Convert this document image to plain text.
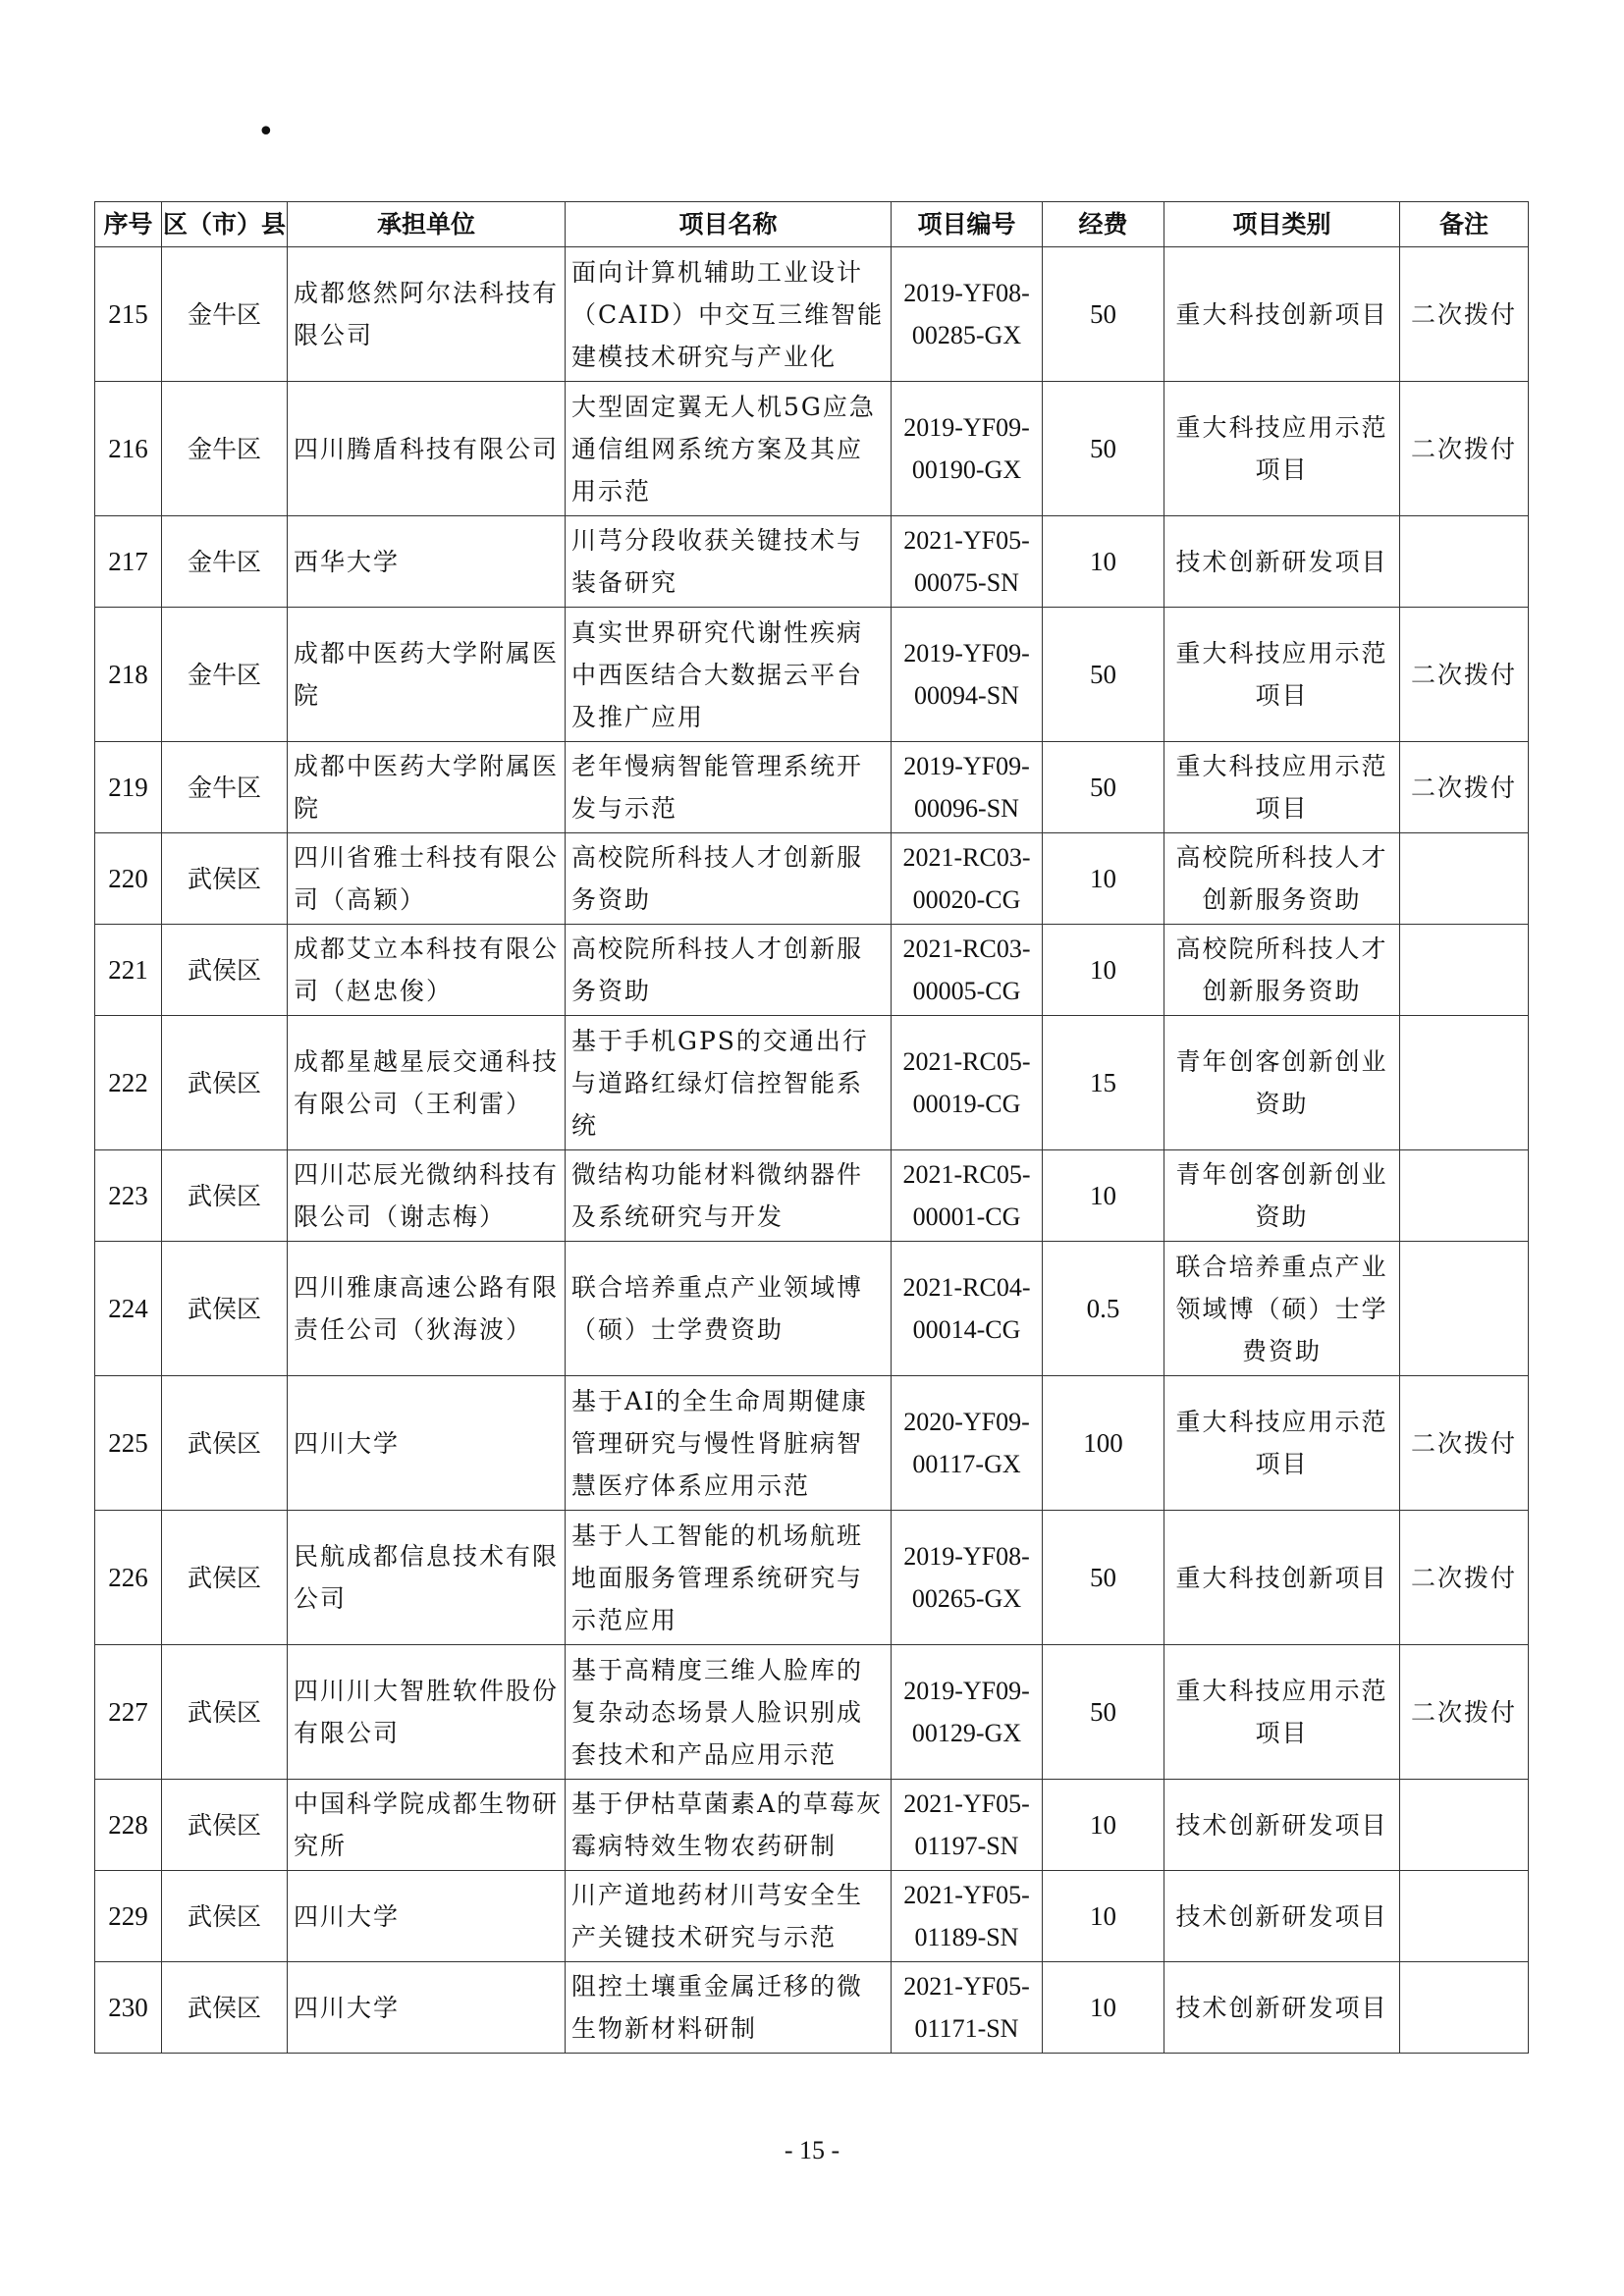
•
序号	区（市）县	承担单位	项目名称	项目编号	经费	项目类别	备注
215	金牛区	成都悠然阿尔法科技有限公司	面向计算机辅助工业设计（CAID）中交互三维智能建模技术研究与产业化	2019-YF08-00285-GX	50	重大科技创新项目	二次拨付
216	金牛区	四川腾盾科技有限公司	大型固定翼无人机5G应急通信组网系统方案及其应用示范	2019-YF09-00190-GX	50	重大科技应用示范项目	二次拨付
217	金牛区	西华大学	川芎分段收获关键技术与装备研究	2021-YF05-00075-SN	10	技术创新研发项目	
218	金牛区	成都中医药大学附属医院	真实世界研究代谢性疾病中西医结合大数据云平台及推广应用	2019-YF09-00094-SN	50	重大科技应用示范项目	二次拨付
219	金牛区	成都中医药大学附属医院	老年慢病智能管理系统开发与示范	2019-YF09-00096-SN	50	重大科技应用示范项目	二次拨付
220	武侯区	四川省雅士科技有限公司（高颖）	高校院所科技人才创新服务资助	2021-RC03-00020-CG	10	高校院所科技人才创新服务资助	
221	武侯区	成都艾立本科技有限公司（赵忠俊）	高校院所科技人才创新服务资助	2021-RC03-00005-CG	10	高校院所科技人才创新服务资助	
222	武侯区	成都星越星辰交通科技有限公司（王利雷）	基于手机GPS的交通出行与道路红绿灯信控智能系统	2021-RC05-00019-CG	15	青年创客创新创业资助	
223	武侯区	四川芯辰光微纳科技有限公司（谢志梅）	微结构功能材料微纳器件及系统研究与开发	2021-RC05-00001-CG	10	青年创客创新创业资助	
224	武侯区	四川雅康高速公路有限责任公司（狄海波）	联合培养重点产业领域博（硕）士学费资助	2021-RC04-00014-CG	0.5	联合培养重点产业领域博（硕）士学费资助	
225	武侯区	四川大学	基于AI的全生命周期健康管理研究与慢性肾脏病智慧医疗体系应用示范	2020-YF09-00117-GX	100	重大科技应用示范项目	二次拨付
226	武侯区	民航成都信息技术有限公司	基于人工智能的机场航班地面服务管理系统研究与示范应用	2019-YF08-00265-GX	50	重大科技创新项目	二次拨付
227	武侯区	四川川大智胜软件股份有限公司	基于高精度三维人脸库的复杂动态场景人脸识别成套技术和产品应用示范	2019-YF09-00129-GX	50	重大科技应用示范项目	二次拨付
228	武侯区	中国科学院成都生物研究所	基于伊枯草菌素A的草莓灰霉病特效生物农药研制	2021-YF05-01197-SN	10	技术创新研发项目	
229	武侯区	四川大学	川产道地药材川芎安全生产关键技术研究与示范	2021-YF05-01189-SN	10	技术创新研发项目	
230	武侯区	四川大学	阻控土壤重金属迁移的微生物新材料研制	2021-YF05-01171-SN	10	技术创新研发项目	
- 15 -
